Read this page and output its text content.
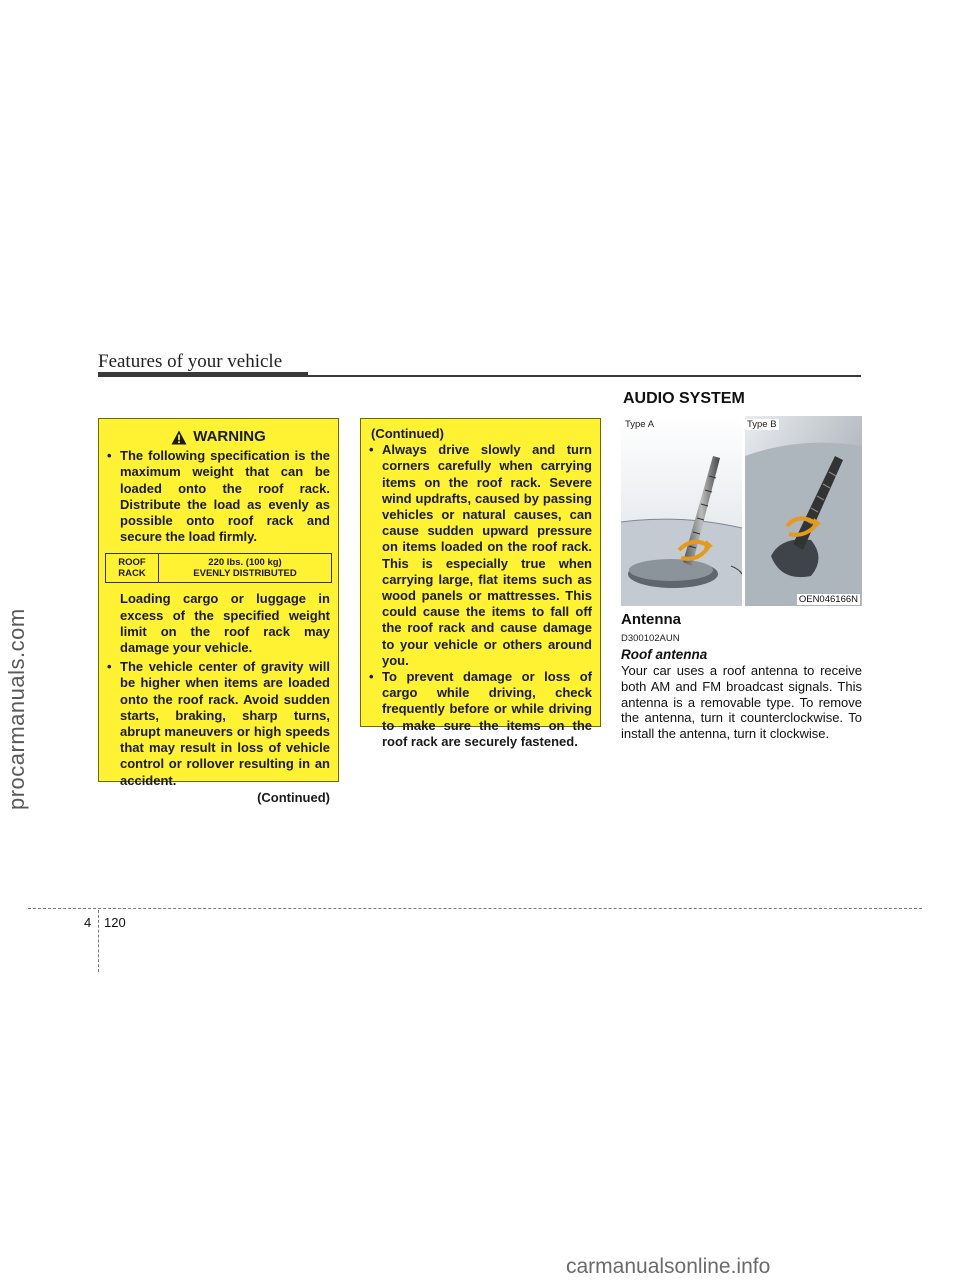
procarmanuals.com
carmanualsonline.info
Features of your vehicle
AUDIO SYSTEM
WARNING
• The following specification is the maximum weight that can be loaded onto the roof rack. Distribute the load as evenly as possible onto roof rack and secure the load firmly.
ROOF
RACK
220 lbs. (100 kg)
EVENLY DISTRIBUTED
Loading cargo or luggage in excess of the specified weight limit on the roof rack may damage your vehicle.
• The vehicle center of gravity will be higher when items are loaded onto the roof rack. Avoid sudden starts, braking, sharp turns, abrupt maneuvers or high speeds that may result in loss of vehicle control or rollover resulting in an accident.
(Continued)
(Continued)
• Always drive slowly and turn corners carefully when carrying items on the roof rack. Severe wind updrafts, caused by passing vehicles or natural causes, can cause sudden upward pressure on items loaded on the roof rack. This is especially true when carrying large, flat items such as wood panels or mattresses. This could cause the items to fall off the roof rack and cause damage to your vehicle or others around you.
• To prevent damage or loss of cargo while driving, check frequently before or while driving to make sure the items on the roof rack are securely fastened.
Type A	Type B
OEN046166N
Antenna
D300102AUN
Roof antenna
Your car uses a roof antenna to receive both AM and FM broadcast signals. This antenna is a removable type. To remove the antenna, turn it counterclockwise. To install the antenna, turn it clockwise.
4 120
